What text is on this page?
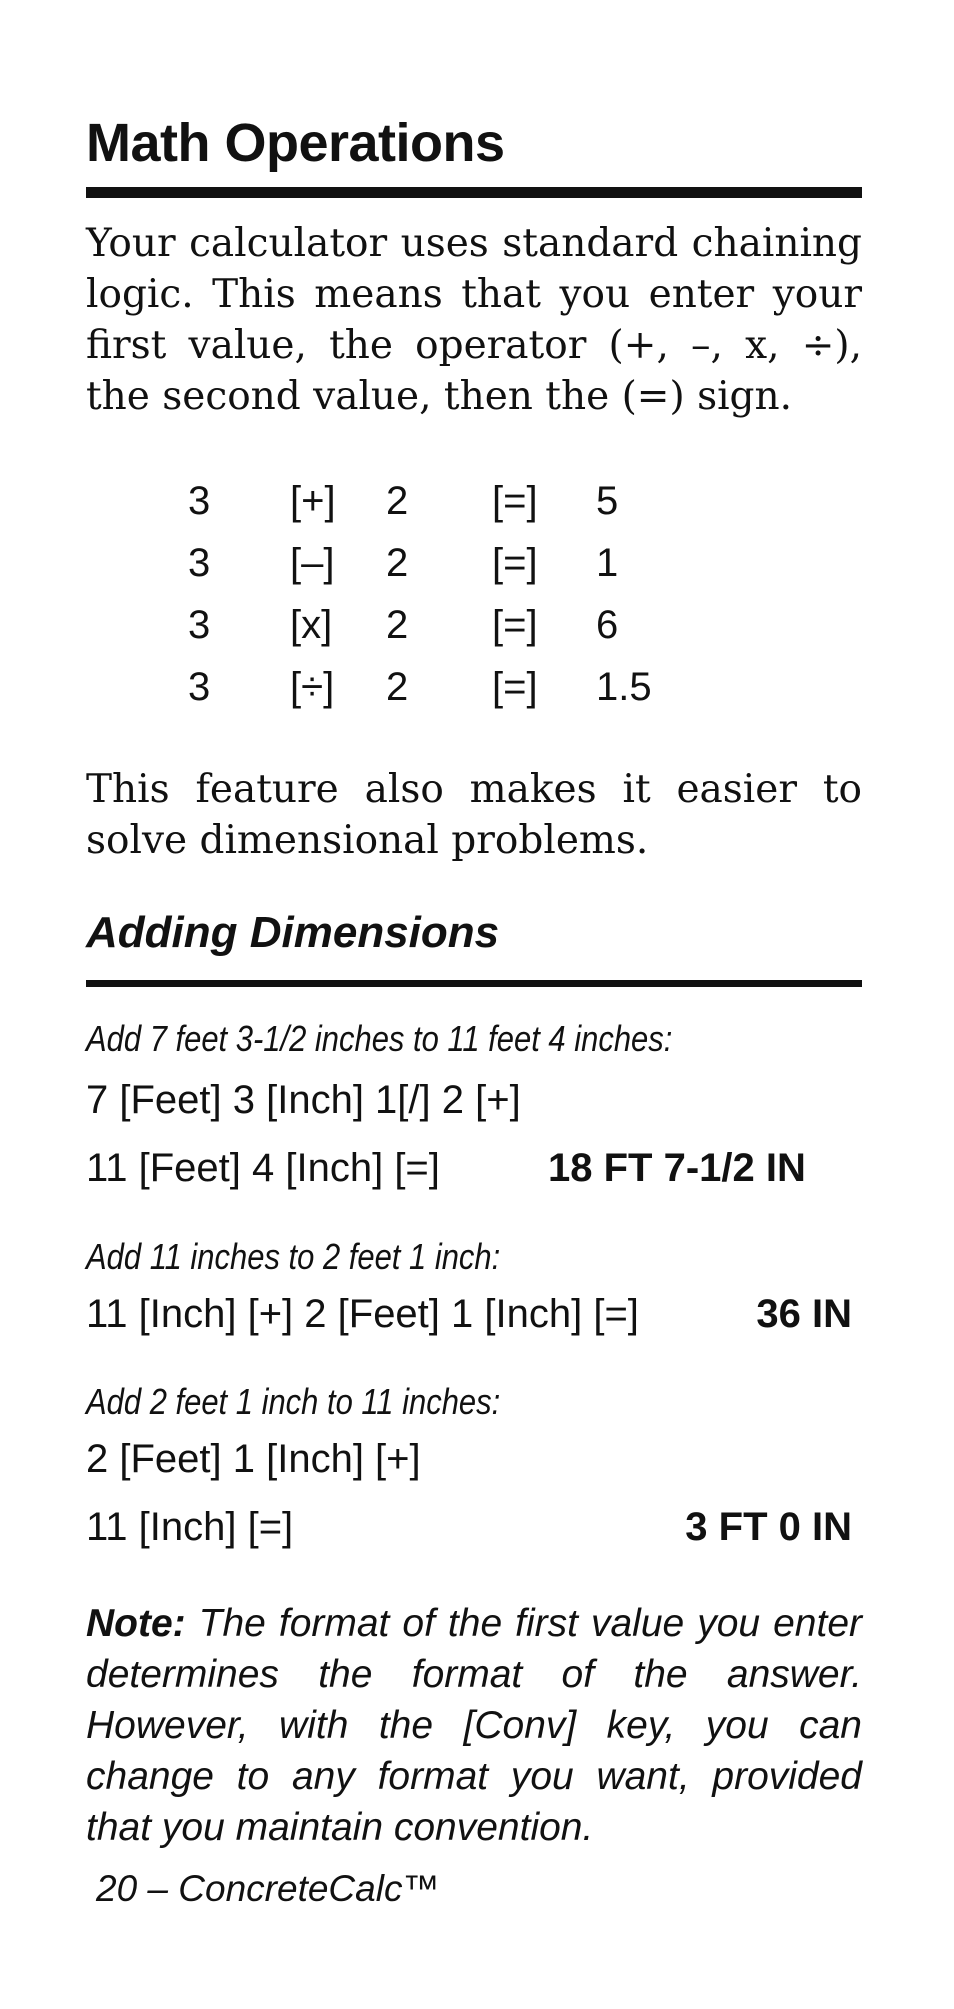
Math Operations

Your calculator uses standard chaining logic. This means that you enter your first value, the operator (+, –, x, ÷), the second value, then the (=) sign.

3	[+]	2	[=]	5
3	[–]	2	[=]	1
3	[x]	2	[=]	6
3	[÷]	2	[=]	1.5

This feature also makes it easier to solve dimensional problems.

Adding Dimensions

Add 7 feet 3-1/2 inches to 11 feet 4 inches:

7 [Feet] 3 [Inch] 1[/] 2 [+]

11 [Feet] 4 [Inch] [=]	18 FT 7-1/2 IN

Add 11 inches to 2 feet 1 inch:

11 [Inch] [+] 2 [Feet] 1 [Inch] [=]	36 IN

Add 2 feet 1 inch to 11 inches:

2 [Feet] 1 [Inch] [+]

11 [Inch] [=]	3 FT 0 IN

Note: The format of the first value you enter determines the format of the answer. However, with the [Conv] key, you can change to any format you want, provided that you maintain convention.

20 – ConcreteCalc™
